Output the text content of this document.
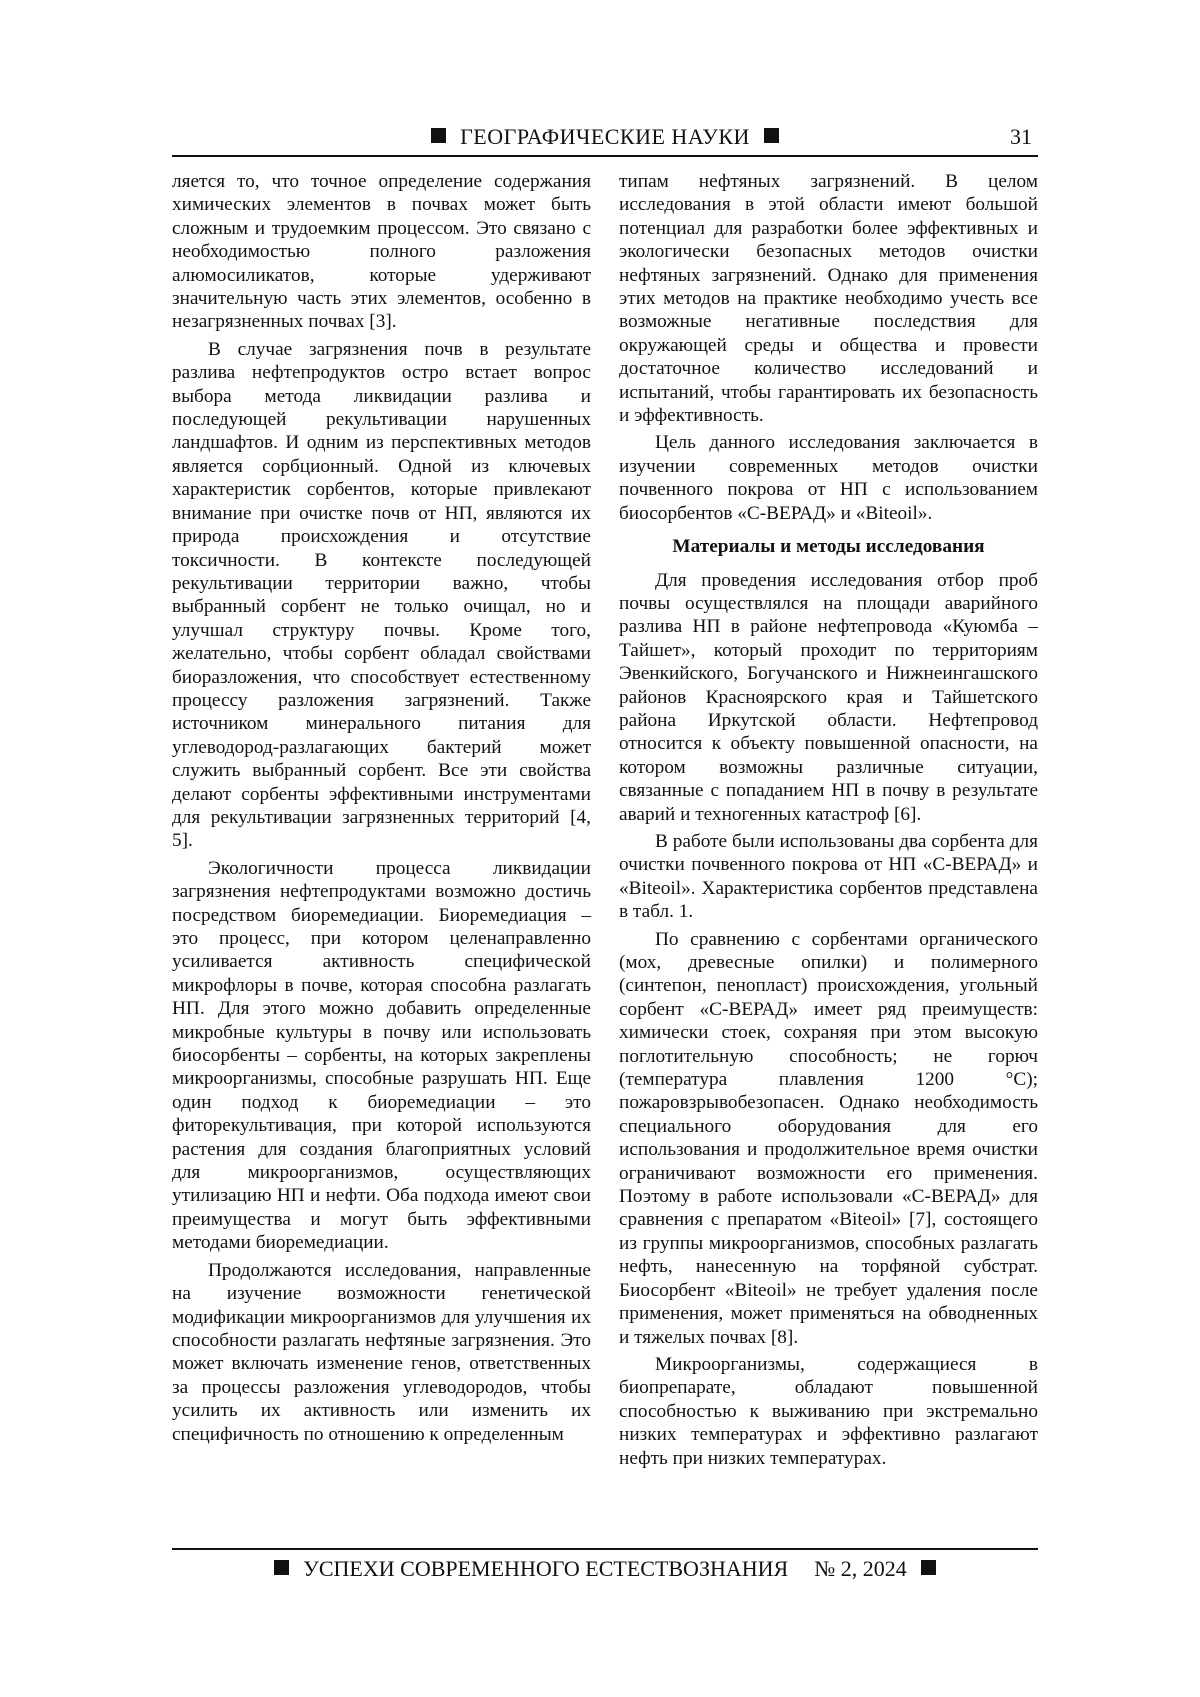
ГЕОГРАФИЧЕСКИЕ НАУКИ	31

ляется то, что точное определение содержания химических элементов в почвах может быть сложным и трудоемким процессом. Это связано с необходимостью полного разложения алюмосиликатов, которые удерживают значительную часть этих элементов, особенно в незагрязненных почвах [3].

В случае загрязнения почв в результате разлива нефтепродуктов остро встает вопрос выбора метода ликвидации разлива и последующей рекультивации нарушенных ландшафтов. И одним из перспективных методов является сорбционный. Одной из ключевых характеристик сорбентов, которые привлекают внимание при очистке почв от НП, являются их природа происхождения и отсутствие токсичности. В контексте последующей рекультивации территории важно, чтобы выбранный сорбент не только очищал, но и улучшал структуру почвы. Кроме того, желательно, чтобы сорбент обладал свойствами биоразложения, что способствует естественному процессу разложения загрязнений. Также источником минерального питания для углеводород-разлагающих бактерий может служить выбранный сорбент. Все эти свойства делают сорбенты эффективными инструментами для рекультивации загрязненных территорий [4, 5].

Экологичности процесса ликвидации загрязнения нефтепродуктами возможно достичь посредством биоремедиации. Биоремедиация – это процесс, при котором целенаправленно усиливается активность специфической микрофлоры в почве, которая способна разлагать НП. Для этого можно добавить определенные микробные культуры в почву или использовать биосорбенты – сорбенты, на которых закреплены микроорганизмы, способные разрушать НП. Еще один подход к биоремедиации – это фиторекультивация, при которой используются растения для создания благоприятных условий для микроорганизмов, осуществляющих утилизацию НП и нефти. Оба подхода имеют свои преимущества и могут быть эффективными методами биоремедиации.

Продолжаются исследования, направленные на изучение возможности генетической модификации микроорганизмов для улучшения их способности разлагать нефтяные загрязнения. Это может включать изменение генов, ответственных за процессы разложения углеводородов, чтобы усилить их активность или изменить их специфичность по отношению к определенным

типам нефтяных загрязнений. В целом исследования в этой области имеют большой потенциал для разработки более эффективных и экологически безопасных методов очистки нефтяных загрязнений. Однако для применения этих методов на практике необходимо учесть все возможные негативные последствия для окружающей среды и общества и провести достаточное количество исследований и испытаний, чтобы гарантировать их безопасность и эффективность.

Цель данного исследования заключается в изучении современных методов очистки почвенного покрова от НП с использованием биосорбентов «С-ВЕРАД» и «Biteoil».

Материалы и методы исследования

Для проведения исследования отбор проб почвы осуществлялся на площади аварийного разлива НП в районе нефтепровода «Куюмба – Тайшет», который проходит по территориям Эвенкийского, Богучанского и Нижнеингашского районов Красноярского края и Тайшетского района Иркутской области. Нефтепровод относится к объекту повышенной опасности, на котором возможны различные ситуации, связанные с попаданием НП в почву в результате аварий и техногенных катастроф [6].

В работе были использованы два сорбента для очистки почвенного покрова от НП «С-ВЕРАД» и «Biteoil». Характеристика сорбентов представлена в табл. 1.

По сравнению с сорбентами органического (мох, древесные опилки) и полимерного (синтепон, пенопласт) происхождения, угольный сорбент «С-ВЕРАД» имеет ряд преимуществ: химически стоек, сохраняя при этом высокую поглотительную способность; не горюч (температура плавления 1200 °С); пожаровзрывобезопасен. Однако необходимость специального оборудования для его использования и продолжительное время очистки ограничивают возможности его применения. Поэтому в работе использовали «С-ВЕРАД» для сравнения с препаратом «Biteoil» [7], состоящего из группы микроорганизмов, способных разлагать нефть, нанесенную на торфяной субстрат. Биосорбент «Biteoil» не требует удаления после применения, может применяться на обводненных и тяжелых почвах [8].

Микроорганизмы, содержащиеся в биопрепарате, обладают повышенной способностью к выживанию при экстремально низких температурах и эффективно разлагают нефть при низких температурах.

УСПЕХИ СОВРЕМЕННОГО ЕСТЕСТВОЗНАНИЯ № 2, 2024
